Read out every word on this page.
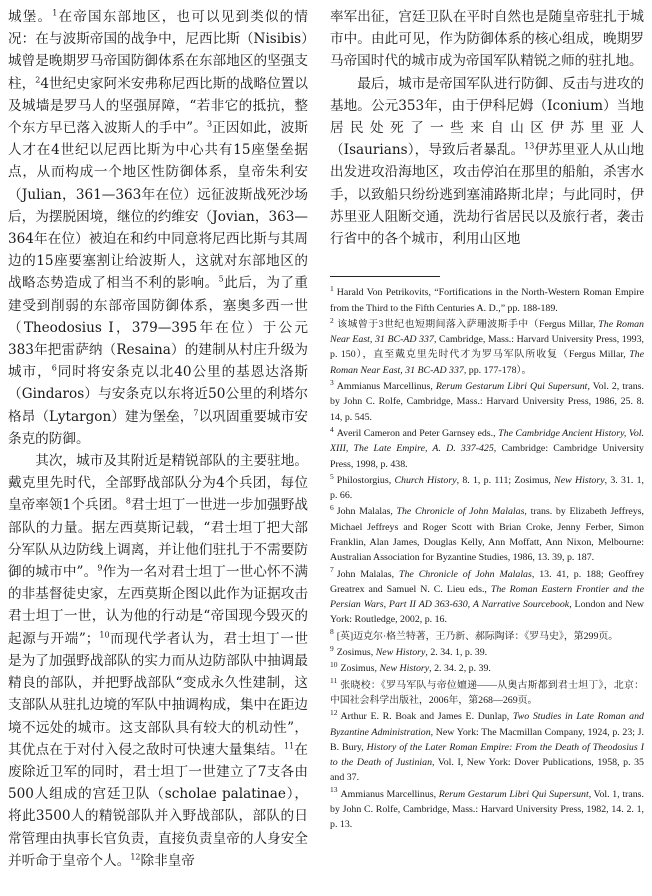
城堡。$^1$在帝国东部地区，也可以见到类似的情况：在与波斯帝国的战争中，尼西比斯（Nisibis）城曾是晚期罗马帝国防御体系在东部地区的坚强支柱，$^2$4世纪史家阿米安弗称尼西比斯的战略位置以及城墙是罗马人的坚强屏障，“若非它的抵抗，整个东方早已落入波斯人的手中”。$^3$正因如此，波斯人才在4世纪以尼西比斯为中心共有15座堡垒据点，从而构成一个地区性防御体系，皇帝朱利安（Julian，361—363年在位）远征波斯战死沙场后，为摆脱困境，继位的约维安（Jovian，363—364年在位）被迫在和约中同意将尼西比斯与其周边的15座要塞割让给波斯人，这就对东部地区的战略态势造成了相当不利的影响。$^5$此后，为了重建受到削弱的东部帝国防御体系，塞奥多西一世（Theodosius I，379—395年在位）于公元383年把雷萨纳（Resaina）的建制从村庄升级为城市，$^6$同时将安条克以北40公里的基恩达洛斯（Gindaros）与安条克以东将近50公里的利塔尔格昂（Lytargon）建为堡垒，$^7$以巩固重要城市安条克的防御。

其次，城市及其附近是精锐部队的主要驻地。戴克里先时代，全部野战部队分为4个兵团，每位皇帝率领1个兵团。$^8$君士坦丁一世进一步加强野战部队的力量。据左西莫斯记载，“君士坦丁把大部分军队从边防线上调离，并让他们驻扎于不需要防御的城市中”。$^9$作为一名对君士坦丁一世心怀不满的非基督徒史家，左西莫斯企图以此作为证据攻击君士坦丁一世，认为他的行动是“帝国现今毁灭的起源与开端”；$^{10}$而现代学者认为，君士坦丁一世是为了加强野战部队的实力而从边防部队中抽调最精良的部队，并把野战部队“变成永久性建制，这支部队从驻扎边境的军队中抽调构成，集中在距边境不远处的城市。这支部队具有较大的机动性”，其优点在于对付入侵之敌时可快速大量集结。$^{11}$在废除近卫军的同时，君士坦丁一世建立了7支各由500人组成的宫廷卫队（scholae palatinae），将此3500人的精锐部队并入野战部队，部队的日常管理由执事长官负责，直接负责皇帝的人身安全并听命于皇帝个人。$^{12}$除非皇帝

率军出征，宫廷卫队在平时自然也是随皇帝驻扎于城市中。由此可见，作为防御体系的核心组成，晚期罗马帝国时代的城市成为帝国军队精锐之师的驻扎地。

最后，城市是帝国军队进行防御、反击与进攻的基地。公元353年，由于伊科尼姆（Iconium）当地居民处死了一些来自山区伊苏里亚人（Isaurians），导致后者暴乱。$^{13}$伊苏里亚人从山地出发进攻沿海地区，攻击停泊在那里的船舶，杀害水手，以致船只纷纷逃到塞浦路斯北岸；与此同时，伊苏里亚人阻断交通，洗劫行省居民以及旅行者，袭击行省中的各个城市，利用山区地

$^1$ Harald Von Petrikovits, “Fortifications in the North-Western Roman Empire from the Third to the Fifth Centuries A. D.,” pp. 188-189.

$^2$ 该城曾于3世纪也短期间落入萨珊波斯手中（Fergus Millar, The Roman Near East, 31 BC-AD 337, Cambridge, Mass.: Harvard University Press, 1993, p. 150），直至戴克里先时代才为罗马军队所收复（Fergus Millar, The Roman Near East, 31 BC-AD 337, pp. 177-178）。

$^3$ Ammianus Marcellinus, Rerum Gestarum Libri Qui Supersunt, Vol. 2, trans. by John C. Rolfe, Cambridge, Mass.: Harvard University Press, 1986, 25. 8. 14, p. 545.

$^4$ Averil Cameron and Peter Garnsey eds., The Cambridge Ancient History, Vol. XIII, The Late Empire, A. D. 337-425, Cambridge: Cambridge University Press, 1998, p. 438.

$^5$ Philostorgius, Church History, 8. 1, p. 111; Zosimus, New History, 3. 31. 1, p. 66.

$^6$ John Malalas, The Chronicle of John Malalas, trans. by Elizabeth Jeffreys, Michael Jeffreys and Roger Scott with Brian Croke, Jenny Ferber, Simon Franklin, Alan James, Douglas Kelly, Ann Moffatt, Ann Nixon, Melbourne: Australian Association for Byzantine Studies, 1986, 13. 39, p. 187.

$^7$ John Malalas, The Chronicle of John Malalas, 13. 41, p. 188; Geoffrey Greatrex and Samuel N. C. Lieu eds., The Roman Eastern Frontier and the Persian Wars, Part II AD 363-630, A Narrative Sourcebook, London and New York: Routledge, 2002, p. 16.

$^8$ [英]迈克尔·格兰特著，王乃新、郝际陶译：《罗马史》，第299页。

$^9$ Zosimus, New History, 2. 34. 1, p. 39.

$^{10}$ Zosimus, New History, 2. 34. 2, p. 39.

$^{11}$ 张晓校：《罗马军队与帝位嬗递——从奥古斯都到君士坦丁》，北京：中国社会科学出版社，2006年，第268—269页。

$^{12}$ Arthur E. R. Boak and James E. Dunlap, Two Studies in Late Roman and Byzantine Administration, New York: The Macmillan Company, 1924, p. 23; J. B. Bury, History of the Later Roman Empire: From the Death of Theodosius I to the Death of Justinian, Vol. I, New York: Dover Publications, 1958, p. 35 and 37.

$^{13}$ Ammianus Marcellinus, Rerum Gestarum Libri Qui Supersunt, Vol. 1, trans. by John C. Rolfe, Cambridge, Mass.: Harvard University Press, 1982, 14. 2. 1, p. 13.
